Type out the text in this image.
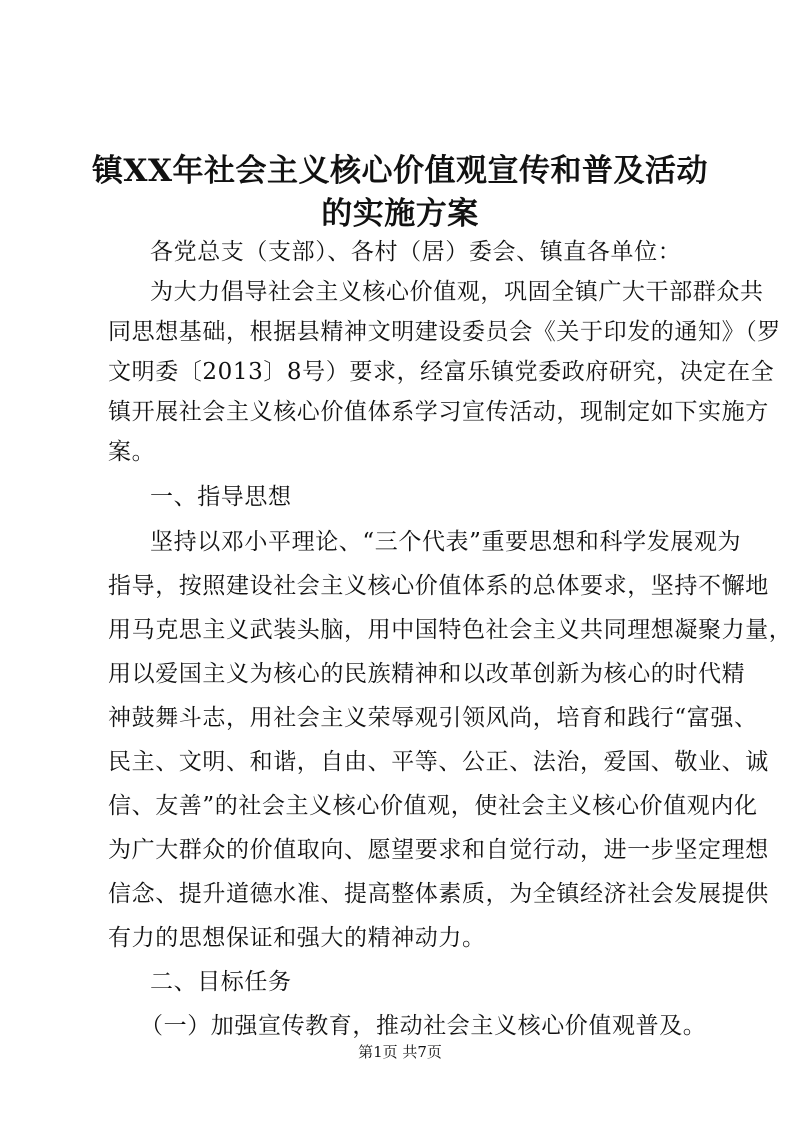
镇XX年社会主义核心价值观宣传和普及活动
的实施方案
各党总支（支部）、各村（居）委会、镇直各单位：
为大力倡导社会主义核心价值观，巩固全镇广大干部群众共
同思想基础，根据县精神文明建设委员会《关于印发的通知》（罗
文明委〔2013〕8号）要求，经富乐镇党委政府研究，决定在全
镇开展社会主义核心价值体系学习宣传活动，现制定如下实施方
案。
一、指导思想
坚持以邓小平理论、“三个代表”重要思想和科学发展观为
指导，按照建设社会主义核心价值体系的总体要求，坚持不懈地
用马克思主义武装头脑，用中国特色社会主义共同理想凝聚力量，
用以爱国主义为核心的民族精神和以改革创新为核心的时代精
神鼓舞斗志，用社会主义荣辱观引领风尚，培育和践行“富强、
民主、文明、和谐，自由、平等、公正、法治，爱国、敬业、诚
信、友善”的社会主义核心价值观，使社会主义核心价值观内化
为广大群众的价值取向、愿望要求和自觉行动，进一步坚定理想
信念、提升道德水准、提高整体素质，为全镇经济社会发展提供
有力的思想保证和强大的精神动力。
二、目标任务
（一）加强宣传教育，推动社会主义核心价值观普及。
第1页 共7页
